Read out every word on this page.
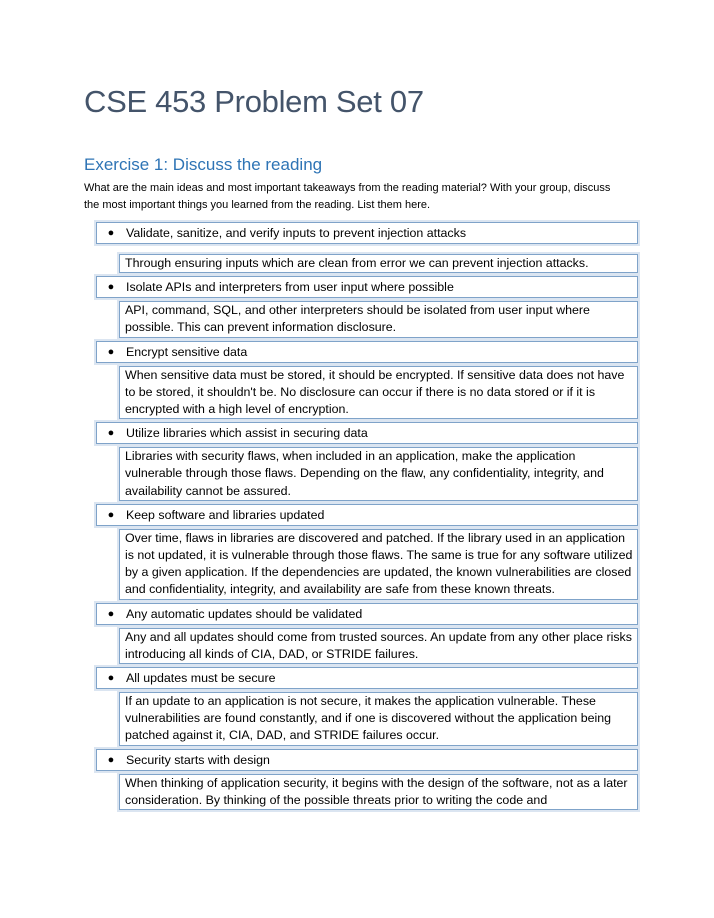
CSE 453 Problem Set 07
Exercise 1: Discuss the reading
What are the main ideas and most important takeaways from the reading material? With your group, discuss the most important things you learned from the reading. List them here.
● Validate, sanitize, and verify inputs to prevent injection attacks
Through ensuring inputs which are clean from error we can prevent injection attacks.
● Isolate APIs and interpreters from user input where possible
API, command, SQL, and other interpreters should be isolated from user input where possible. This can prevent information disclosure.
● Encrypt sensitive data
When sensitive data must be stored, it should be encrypted. If sensitive data does not have to be stored, it shouldn't be. No disclosure can occur if there is no data stored or if it is encrypted with a high level of encryption.
● Utilize libraries which assist in securing data
Libraries with security flaws, when included in an application, make the application vulnerable through those flaws. Depending on the flaw, any confidentiality, integrity, and availability cannot be assured.
● Keep software and libraries updated
Over time, flaws in libraries are discovered and patched. If the library used in an application is not updated, it is vulnerable through those flaws. The same is true for any software utilized by a given application. If the dependencies are updated, the known vulnerabilities are closed and confidentiality, integrity, and availability are safe from these known threats.
● Any automatic updates should be validated
Any and all updates should come from trusted sources. An update from any other place risks introducing all kinds of CIA, DAD, or STRIDE failures.
● All updates must be secure
If an update to an application is not secure, it makes the application vulnerable. These vulnerabilities are found constantly, and if one is discovered without the application being patched against it, CIA, DAD, and STRIDE failures occur.
● Security starts with design
When thinking of application security, it begins with the design of the software, not as a later consideration. By thinking of the possible threats prior to writing the code and
